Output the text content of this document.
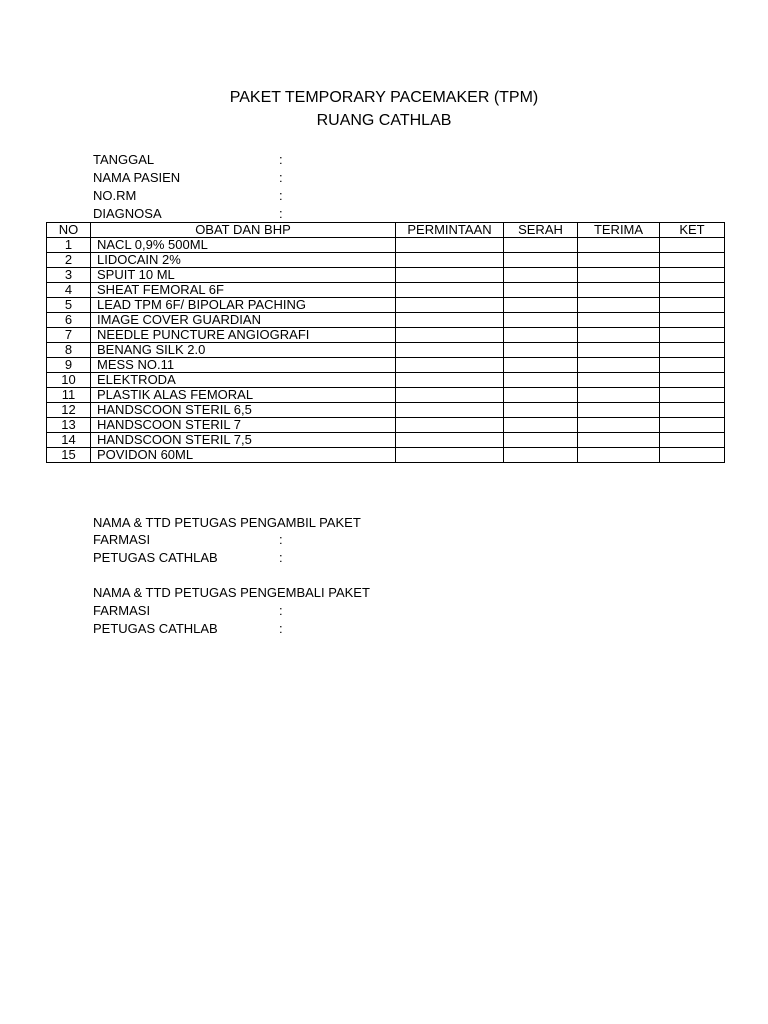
PAKET TEMPORARY PACEMAKER (TPM)
RUANG CATHLAB
TANGGAL	:
NAMA PASIEN	:
NO.RM	:
DIAGNOSA	:
NO	OBAT DAN BHP	PERMINTAAN	SERAH	TERIMA	KET
1	NACL 0,9% 500ML				
2	LIDOCAIN 2%				
3	SPUIT 10 ML				
4	SHEAT FEMORAL 6F				
5	LEAD TPM 6F/ BIPOLAR PACHING				
6	IMAGE COVER GUARDIAN				
7	NEEDLE PUNCTURE ANGIOGRAFI				
8	BENANG SILK 2.0				
9	MESS NO.11				
10	ELEKTRODA				
11	PLASTIK ALAS FEMORAL				
12	HANDSCOON STERIL 6,5				
13	HANDSCOON STERIL 7				
14	HANDSCOON STERIL 7,5				
15	POVIDON 60ML				
NAMA & TTD PETUGAS PENGAMBIL PAKET
FARMASI	:
PETUGAS CATHLAB	:
NAMA & TTD PETUGAS PENGEMBALI PAKET
FARMASI	:
PETUGAS CATHLAB	:
